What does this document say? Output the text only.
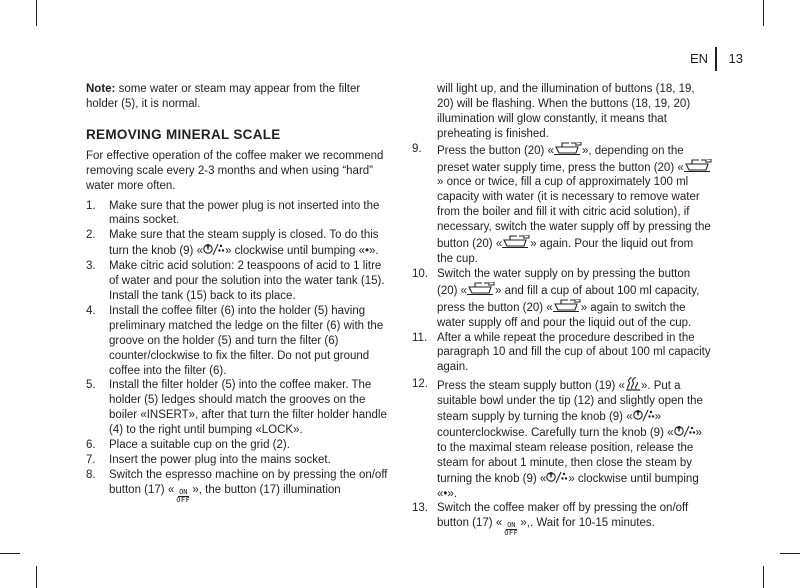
EN 13

Note: some water or steam may appear from the filter holder (5), it is normal.

REMOVING MINERAL SCALE

For effective operation of the coffee maker we recommend removing scale every 2-3 months and when using “hard” water more often.

1. Make sure that the power plug is not inserted into the mains socket.
2. Make sure that the steam supply is closed. To do this turn the knob (9) « » clockwise until bumping «•».
3. Make citric acid solution: 2 teaspoons of acid to 1 litre of water and pour the solution into the water tank (15). Install the tank (15) back to its place.
4. Install the coffee filter (6) into the holder (5) having preliminary matched the ledge on the filter (6) with the groove on the holder (5) and turn the filter (6) counter/clockwise to fix the filter. Do not put ground coffee into the filter (6).
5. Install the filter holder (5) into the coffee maker. The holder (5) ledges should match the grooves on the boiler «INSERT», after that turn the filter holder handle (4) to the right until bumping «LOCK».
6. Place a suitable cup on the grid (2).
7. Insert the power plug into the mains socket.
8. Switch the espresso machine on by pressing the on/off button (17) « ON
OFF
», the button (17) illumination
will light up, and the illumination of buttons (18, 19, 20) will be flashing. When the buttons (18, 19, 20) illumination will glow constantly, it means that preheating is finished.
9. Press the button (20) « », depending on the preset water supply time, press the button (20) «» once or twice, fill a cup of approximately 100 ml capacity with water (it is necessary to remove water from the boiler and fill it with citric acid solution), if necessary, switch the water supply off by pressing the button (20) « » again. Pour the liquid out from the cup.
10. Switch the water supply on by pressing the button (20) « » and fill a cup of about 100 ml capacity, press the button (20) « » again to switch the water supply off and pour the liquid out of the cup.
11. After a while repeat the procedure described in the paragraph 10 and fill the cup of about 100 ml capacity again.
12. Press the steam supply button (19) « ». Put a suitable bowl under the tip (12) and slightly open the steam supply by turning the knob (9) « » counterclockwise. Carefully turn the knob (9) « » to the maximal steam release position, release the steam for about 1 minute, then close the steam by turning the knob (9) « » clockwise until bumping «•».
13. Switch the coffee maker off by pressing the on/off button (17) « ON
OFF
»,. Wait for 10-15 minutes.
